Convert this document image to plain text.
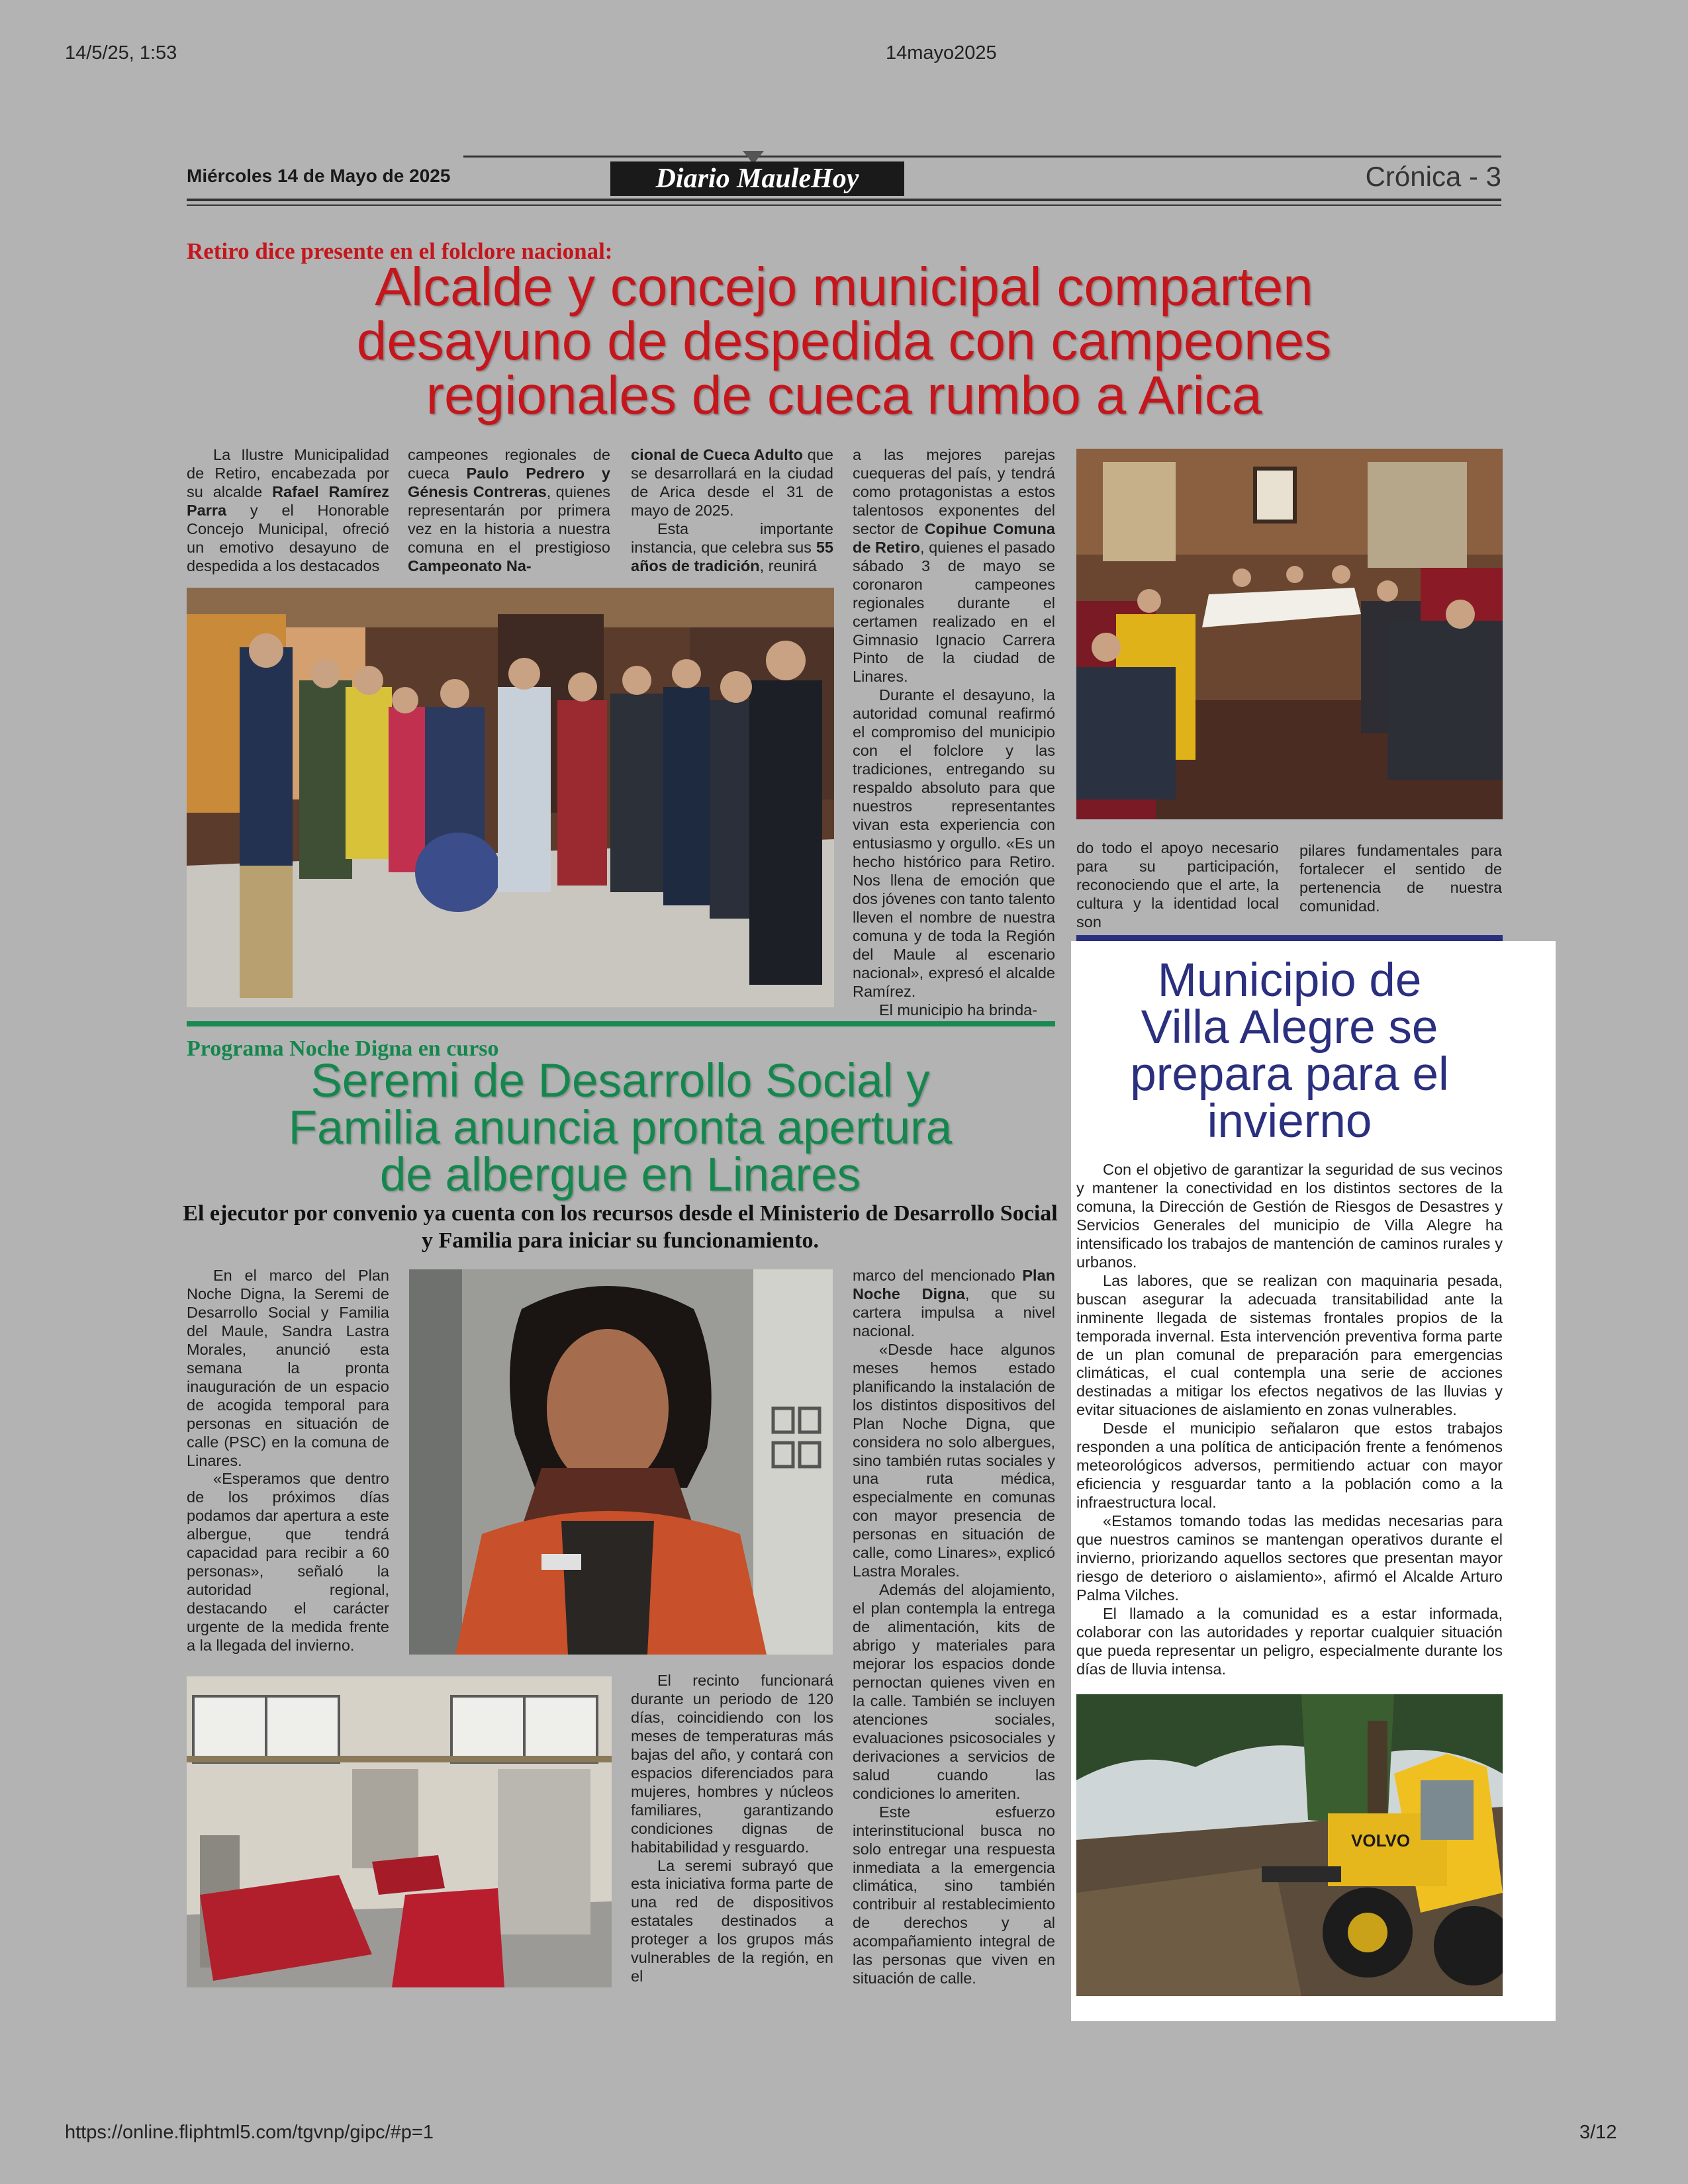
14/5/25, 1:53	14mayo2025
https://online.fliphtml5.com/tgvnp/gipc/#p=1	3/12
Miércoles 14 de Mayo de 2025	Diario MauleHoy	Crónica - 3
Retiro dice presente en el folclore nacional:
Alcalde y concejo municipal comparten
desayuno de despedida con campeones
regionales de cueca rumbo a Arica

La Ilustre Municipalidad de Retiro, encabezada por su alcalde Rafael Ramírez Parra y el Honorable Concejo Municipal, ofreció un emotivo desayuno de despedida a los destacados

campeones regionales de cueca Paulo Pedrero y Génesis Contreras, quienes representarán por primera vez en la historia a nuestra comuna en el prestigioso Campeonato Na-

cional de Cueca Adulto que se desarrollará en la ciudad de Arica desde el 31 de mayo de 2025.

Esta importante instancia, que celebra sus 55 años de tradición, reunirá

a las mejores parejas cuequeras del país, y tendrá como protagonistas a estos talentosos exponentes del sector de Copihue Comuna de Retiro, quienes el pasado sábado 3 de mayo se coronaron campeones regionales durante el certamen realizado en el Gimnasio Ignacio Carrera Pinto de la ciudad de Linares.

Durante el desayuno, la autoridad comunal reafirmó el compromiso del municipio con el folclore y las tradiciones, entregando su respaldo absoluto para que nuestros representantes vivan esta experiencia con entusiasmo y orgullo. «Es un hecho histórico para Retiro. Nos llena de emoción que dos jóvenes con tanto talento lleven el nombre de nuestra comuna y de toda la Región del Maule al escenario nacional», expresó el alcalde Ramírez.

El municipio ha brinda-

do todo el apoyo necesario para su participación, reconociendo que el arte, la cultura y la identidad local son

pilares fundamentales para fortalecer el sentido de pertenencia de nuestra comunidad.

Programa Noche Digna en curso
Seremi de Desarrollo Social y
Familia anuncia pronta apertura
de albergue en Linares
El ejecutor por convenio ya cuenta con los recursos desde el Ministerio de Desarrollo Social y Familia para iniciar su funcionamiento.

En el marco del Plan Noche Digna, la Seremi de Desarrollo Social y Familia del Maule, Sandra Lastra Morales, anunció esta semana la pronta inauguración de un espacio de acogida temporal para personas en situación de calle (PSC) en la comuna de Linares.

«Esperamos que dentro de los próximos días podamos dar apertura a este albergue, que tendrá capacidad para recibir a 60 personas», señaló la autoridad regional, destacando el carácter urgente de la medida frente a la llegada del invierno.

marco del mencionado Plan Noche Digna, que su cartera impulsa a nivel nacional.

«Desde hace algunos meses hemos estado planificando la instalación de los distintos dispositivos del Plan Noche Digna, que considera no solo albergues, sino también rutas sociales y una ruta médica, especialmente en comunas con mayor presencia de personas en situación de calle, como Linares», explicó Lastra Morales.

Además del alojamiento, el plan contempla la entrega de alimentación, kits de abrigo y materiales para mejorar los espacios donde pernoctan quienes viven en la calle. También se incluyen atenciones sociales, evaluaciones psicosociales y derivaciones a servicios de salud cuando las condiciones lo ameriten.

Este esfuerzo interinstitucional busca no solo entregar una respuesta inmediata a la emergencia climática, sino también contribuir al restablecimiento de derechos y al acompañamiento integral de las personas que viven en situación de calle.

El recinto funcionará durante un periodo de 120 días, coincidiendo con los meses de temperaturas más bajas del año, y contará con espacios diferenciados para mujeres, hombres y núcleos familiares, garantizando condiciones dignas de habitabilidad y resguardo.

La seremi subrayó que esta iniciativa forma parte de una red de dispositivos estatales destinados a proteger a los grupos más vulnerables de la región, en el

Municipio de
Villa Alegre se
prepara para el
invierno

Con el objetivo de garantizar la seguridad de sus vecinos y mantener la conectividad en los distintos sectores de la comuna, la Dirección de Gestión de Riesgos de Desastres y Servicios Generales del municipio de Villa Alegre ha intensificado los trabajos de mantención de caminos rurales y urbanos.

Las labores, que se realizan con maquinaria pesada, buscan asegurar la adecuada transitabilidad ante la inminente llegada de sistemas frontales propios de la temporada invernal. Esta intervención preventiva forma parte de un plan comunal de preparación para emergencias climáticas, el cual contempla una serie de acciones destinadas a mitigar los efectos negativos de las lluvias y evitar situaciones de aislamiento en zonas vulnerables.

Desde el municipio señalaron que estos trabajos responden a una política de anticipación frente a fenómenos meteorológicos adversos, permitiendo actuar con mayor eficiencia y resguardar tanto a la población como a la infraestructura local.

«Estamos tomando todas las medidas necesarias para que nuestros caminos se mantengan operativos durante el invierno, priorizando aquellos sectores que presentan mayor riesgo de deterioro o aislamiento», afirmó el Alcalde Arturo Palma Vilches.

El llamado a la comunidad es a estar informada, colaborar con las autoridades y reportar cualquier situación que pueda representar un peligro, especialmente durante los días de lluvia intensa.

VOLVO
